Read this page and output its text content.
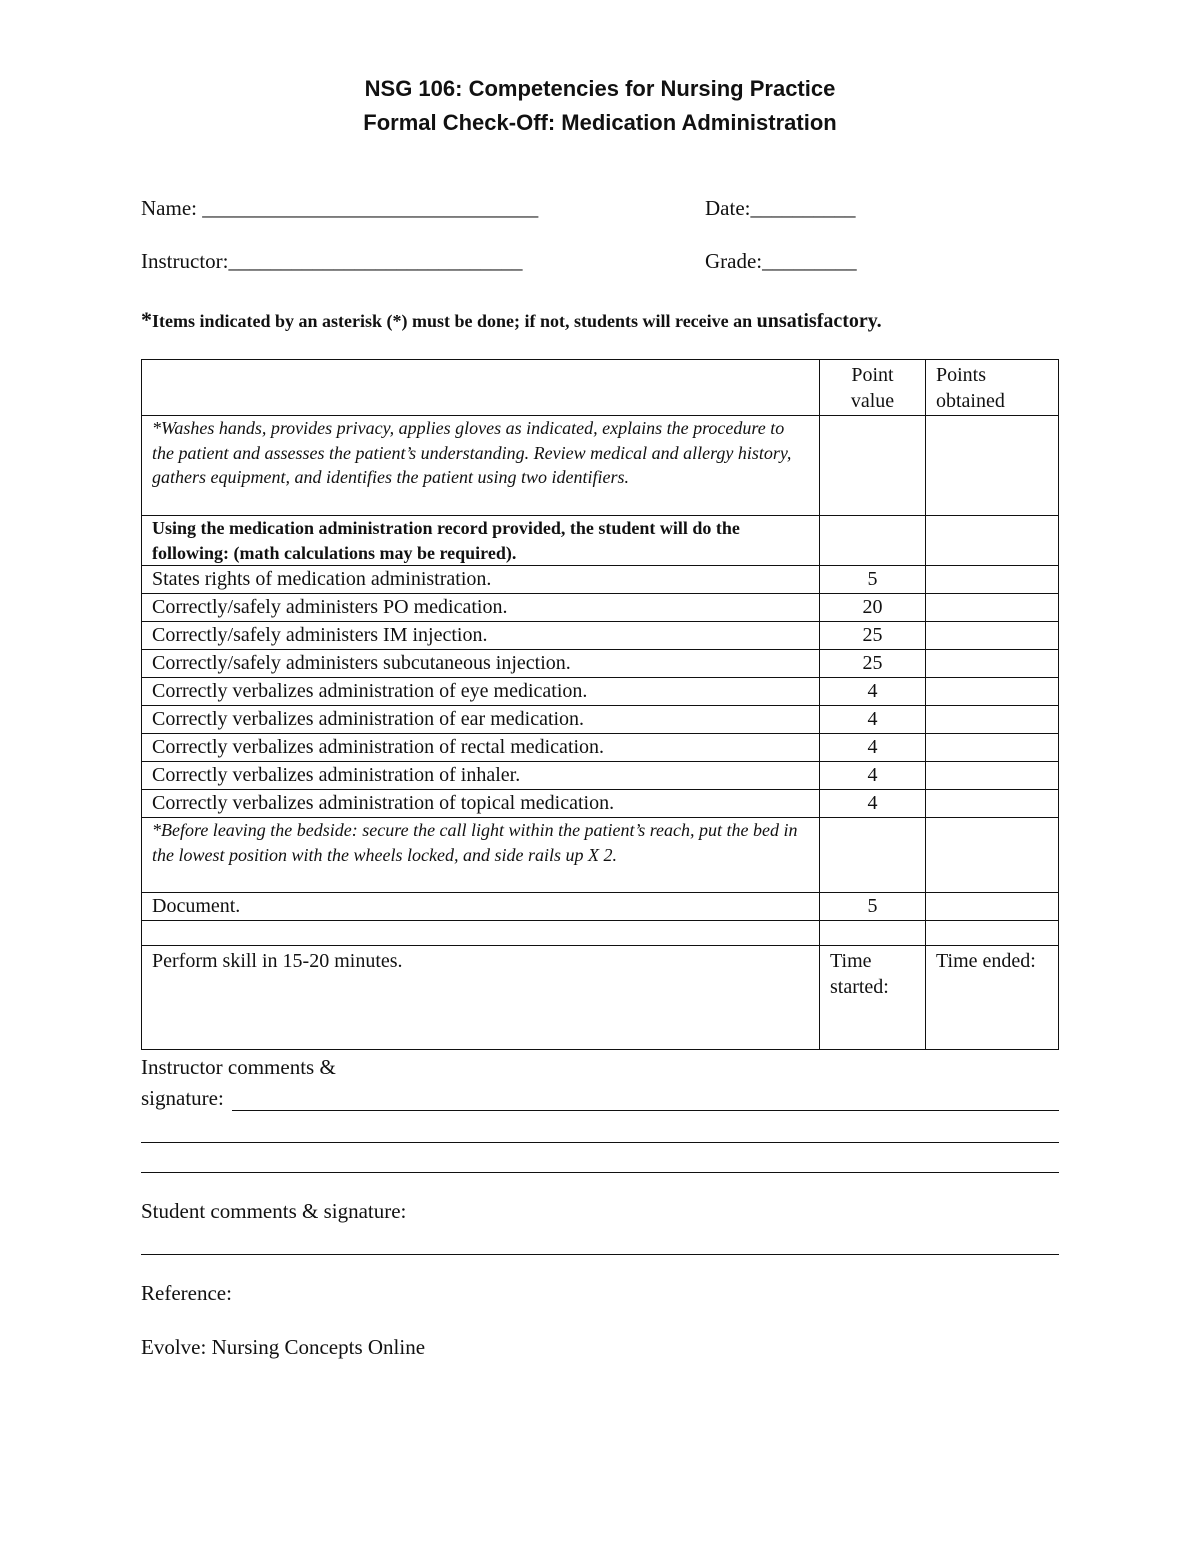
NSG 106: Competencies for Nursing Practice
Formal Check-Off: Medication Administration
Name: ________________________________	Date:__________
Instructor:____________________________	Grade:_________
*Items indicated by an asterisk (*) must be done; if not, students will receive an unsatisfactory.
	Point value	Points obtained
*Washes hands, provides privacy, applies gloves as indicated, explains the procedure to the patient and assesses the patient’s understanding. Review medical and allergy history, gathers equipment, and identifies the patient using two identifiers.		
Using the medication administration record provided, the student will do the following: (math calculations may be required).		
States rights of medication administration.	5	
Correctly/safely administers PO medication.	20	
Correctly/safely administers IM injection.	25	
Correctly/safely administers subcutaneous injection.	25	
Correctly verbalizes administration of eye medication.	4	
Correctly verbalizes administration of ear medication.	4	
Correctly verbalizes administration of rectal medication.	4	
Correctly verbalizes administration of inhaler.	4	
Correctly verbalizes administration of topical medication.	4	
*Before leaving the bedside: secure the call light within the patient’s reach, put the bed in the lowest position with the wheels locked, and side rails up X 2.		
Document.	5	

Perform skill in 15-20 minutes.	Time started:	Time ended:
Instructor comments &
signature:
Student comments & signature:
Reference:
Evolve: Nursing Concepts Online
